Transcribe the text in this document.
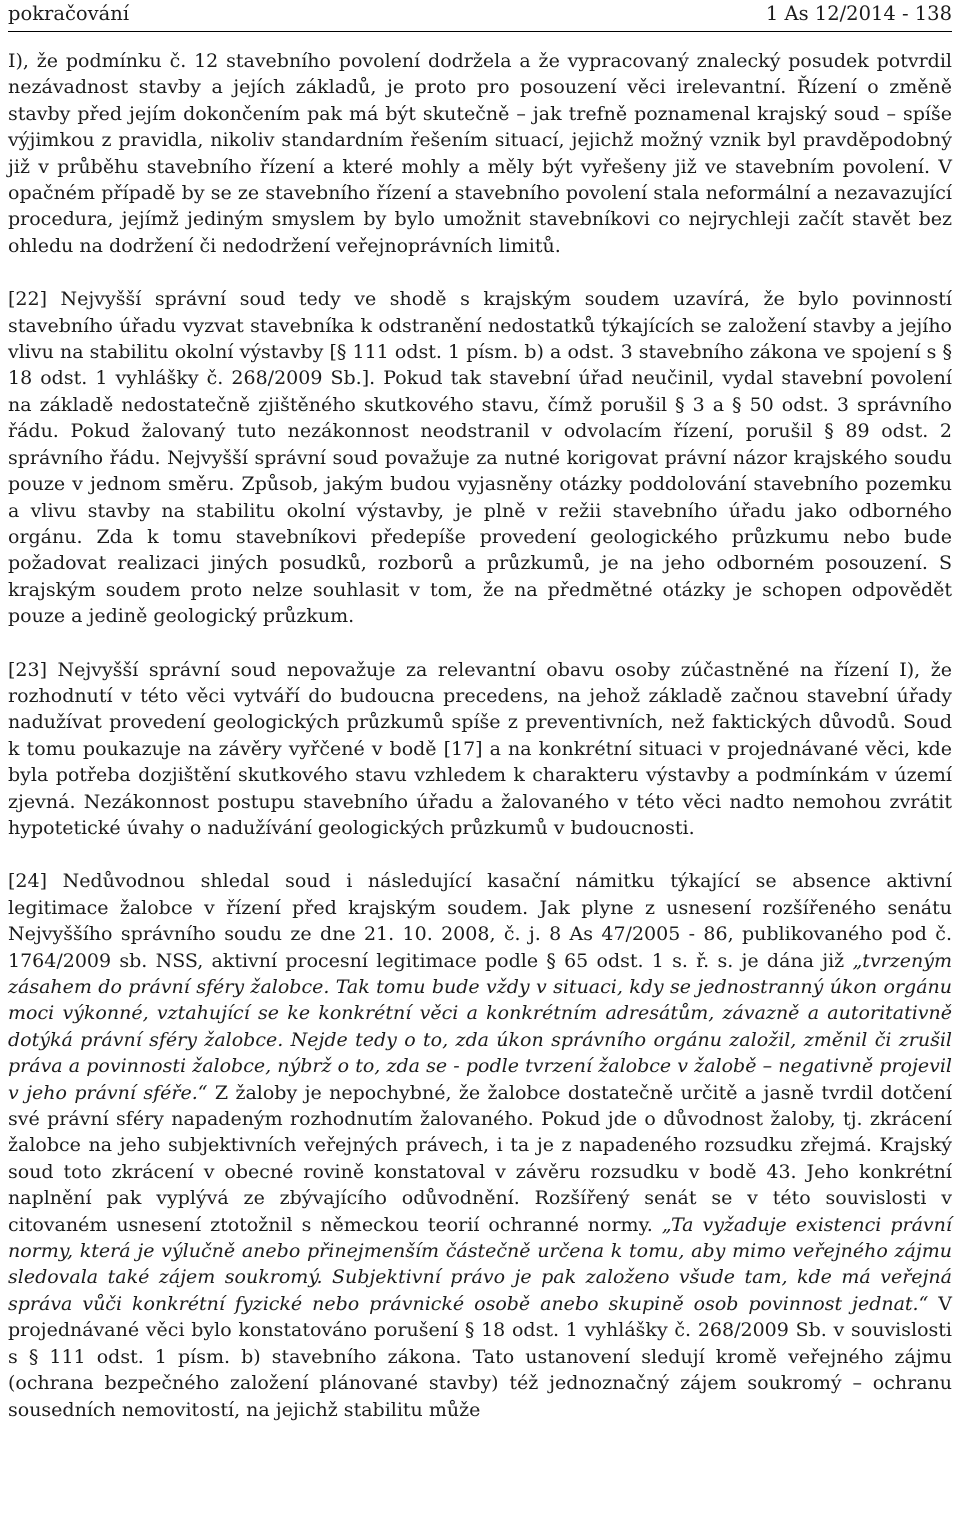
pokračování	1 As 12/2014 - 138

I), že podmínku č. 12 stavebního povolení dodržela a že vypracovaný znalecký posudek potvrdil nezávadnost stavby a jejích základů, je proto pro posouzení věci irelevantní. Řízení o změně stavby před jejím dokončením pak má být skutečně – jak trefně poznamenal krajský soud – spíše výjimkou z pravidla, nikoliv standardním řešením situací, jejichž možný vznik byl pravděpodobný již v průběhu stavebního řízení a které mohly a měly být vyřešeny již ve stavebním povolení. V opačném případě by se ze stavebního řízení a stavebního povolení stala neformální a nezavazující procedura, jejímž jediným smyslem by bylo umožnit stavebníkovi co nejrychleji začít stavět bez ohledu na dodržení či nedodržení veřejnoprávních limitů.

[22] Nejvyšší správní soud tedy ve shodě s krajským soudem uzavírá, že bylo povinností stavebního úřadu vyzvat stavebníka k odstranění nedostatků týkajících se založení stavby a jejího vlivu na stabilitu okolní výstavby [§ 111 odst. 1 písm. b) a odst. 3 stavebního zákona ve spojení s § 18 odst. 1 vyhlášky č. 268/2009 Sb.]. Pokud tak stavební úřad neučinil, vydal stavební povolení na základě nedostatečně zjištěného skutkového stavu, čímž porušil § 3 a § 50 odst. 3 správního řádu. Pokud žalovaný tuto nezákonnost neodstranil v odvolacím řízení, porušil § 89 odst. 2 správního řádu. Nejvyšší správní soud považuje za nutné korigovat právní názor krajského soudu pouze v jednom směru. Způsob, jakým budou vyjasněny otázky poddolování stavebního pozemku a vlivu stavby na stabilitu okolní výstavby, je plně v režii stavebního úřadu jako odborného orgánu. Zda k tomu stavebníkovi předepíše provedení geologického průzkumu nebo bude požadovat realizaci jiných posudků, rozborů a průzkumů, je na jeho odborném posouzení. S krajským soudem proto nelze souhlasit v tom, že na předmětné otázky je schopen odpovědět pouze a jedině geologický průzkum.

[23] Nejvyšší správní soud nepovažuje za relevantní obavu osoby zúčastněné na řízení I), že rozhodnutí v této věci vytváří do budoucna precedens, na jehož základě začnou stavební úřady nadužívat provedení geologických průzkumů spíše z preventivních, než faktických důvodů. Soud k tomu poukazuje na závěry vyřčené v bodě [17] a na konkrétní situaci v projednávané věci, kde byla potřeba dozjištění skutkového stavu vzhledem k charakteru výstavby a podmínkám v území zjevná. Nezákonnost postupu stavebního úřadu a žalovaného v této věci nadto nemohou zvrátit hypotetické úvahy o nadužívání geologických průzkumů v budoucnosti.

[24] Nedůvodnou shledal soud i následující kasační námitku týkající se absence aktivní legitimace žalobce v řízení před krajským soudem. Jak plyne z usnesení rozšířeného senátu Nejvyššího správního soudu ze dne 21. 10. 2008, č. j. 8 As 47/2005 - 86, publikovaného pod č. 1764/2009 sb. NSS, aktivní procesní legitimace podle § 65 odst. 1 s. ř. s. je dána již „tvrzeným zásahem do právní sféry žalobce. Tak tomu bude vždy v situaci, kdy se jednostranný úkon orgánu moci výkonné, vztahující se ke konkrétní věci a konkrétním adresátům, závazně a autoritativně dotýká právní sféry žalobce. Nejde tedy o to, zda úkon správního orgánu založil, změnil či zrušil práva a povinnosti žalobce, nýbrž o to, zda se - podle tvrzení žalobce v žalobě – negativně projevil v jeho právní sféře.“ Z žaloby je nepochybné, že žalobce dostatečně určitě a jasně tvrdil dotčení své právní sféry napadeným rozhodnutím žalovaného. Pokud jde o důvodnost žaloby, tj. zkrácení žalobce na jeho subjektivních veřejných právech, i ta je z napadeného rozsudku zřejmá. Krajský soud toto zkrácení v obecné rovině konstatoval v závěru rozsudku v bodě 43. Jeho konkrétní naplnění pak vyplývá ze zbývajícího odůvodnění. Rozšířený senát se v této souvislosti v citovaném usnesení ztotožnil s německou teorií ochranné normy. „Ta vyžaduje existenci právní normy, která je výlučně anebo přinejmenším částečně určena k tomu, aby mimo veřejného zájmu sledovala také zájem soukromý. Subjektivní právo je pak založeno všude tam, kde má veřejná správa vůči konkrétní fyzické nebo právnické osobě anebo skupině osob povinnost jednat.“ V projednávané věci bylo konstatováno porušení § 18 odst. 1 vyhlášky č. 268/2009 Sb. v souvislosti s § 111 odst. 1 písm. b) stavebního zákona. Tato ustanovení sledují kromě veřejného zájmu (ochrana bezpečného založení plánované stavby) též jednoznačný zájem soukromý – ochranu sousedních nemovitostí, na jejichž stabilitu může
